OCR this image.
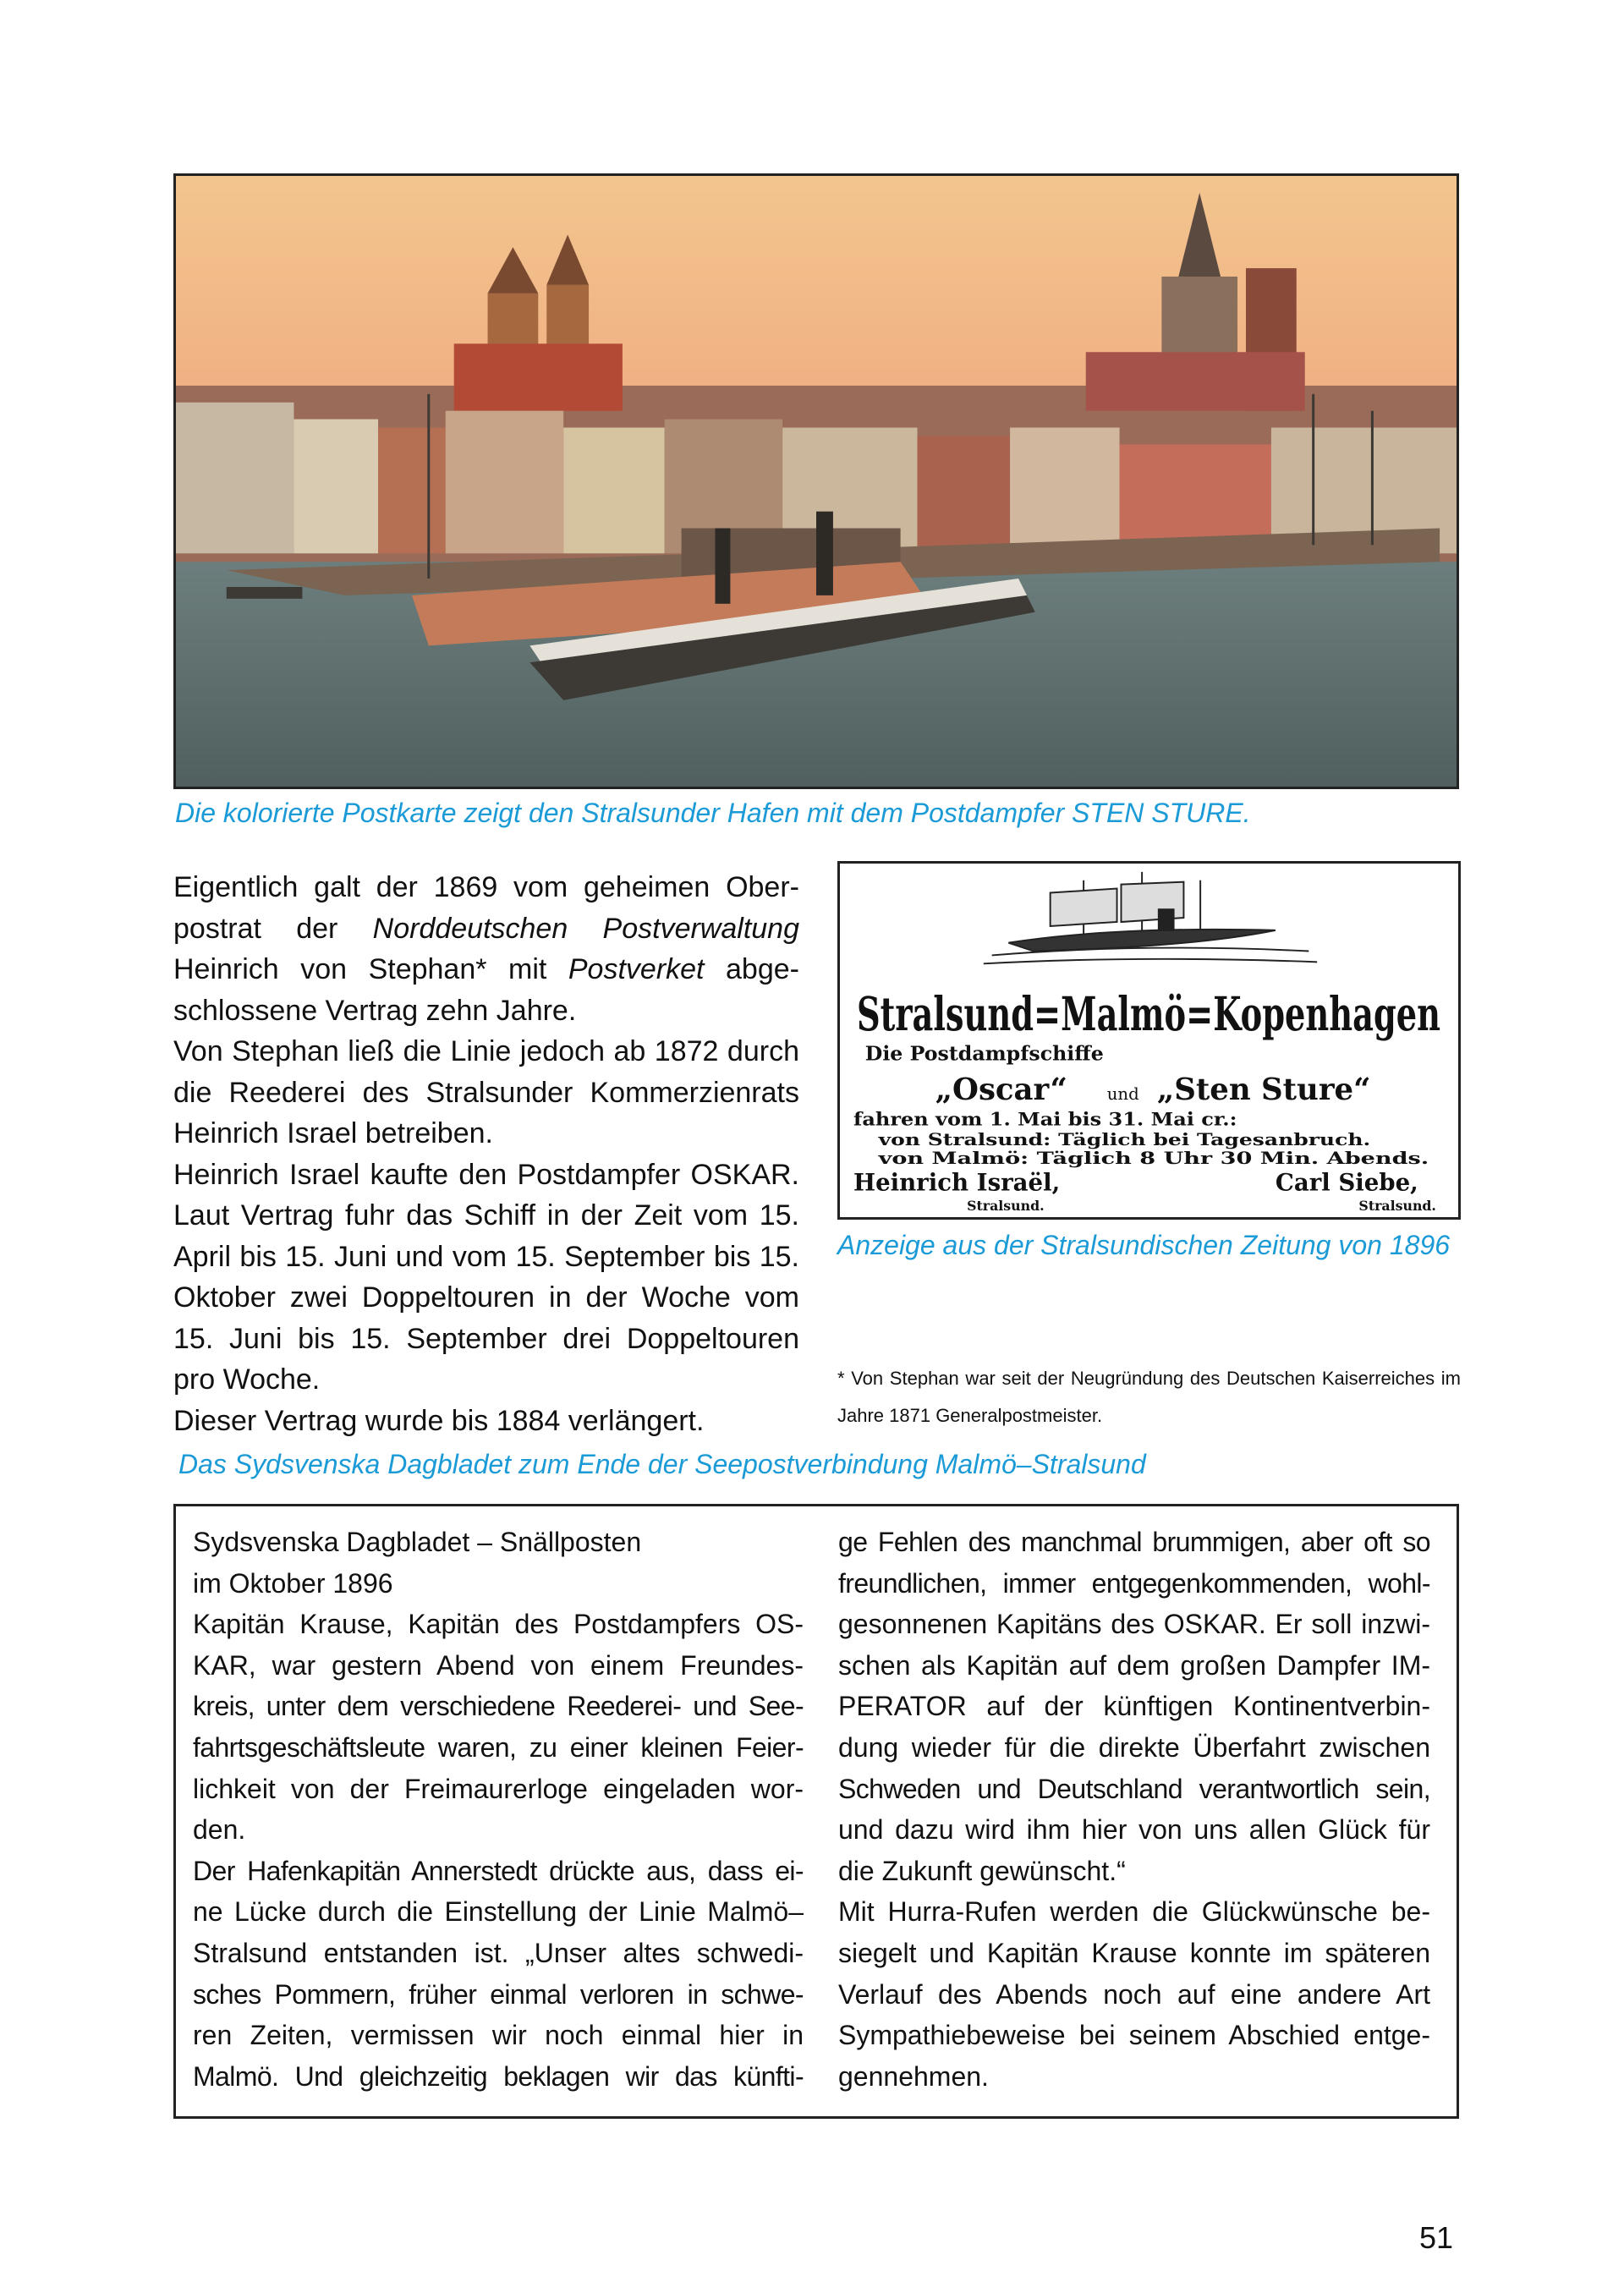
Die kolorierte Postkarte zeigt den Stralsunder Hafen mit dem Postdampfer STEN STURE.

Eigentlich galt der 1869 vom geheimen Oberpostrat der Norddeutschen Postverwaltung Heinrich von Stephan* mit Postverket abgeschlossene Vertrag zehn Jahre.

Von Stephan ließ die Linie jedoch ab 1872 durch die Reederei des Stralsunder Kommerzienrats Heinrich Israel betreiben.

Heinrich Israel kaufte den Postdampfer OSKAR. Laut Vertrag fuhr das Schiff in der Zeit vom 15. April bis 15. Juni und vom 15. September bis 15. Oktober zwei Doppeltouren in der Woche vom 15. Juni bis 15. September drei Doppeltouren pro Woche.

Dieser Vertrag wurde bis 1884 verlängert.

Stralsund=Malmö=Kopenhagen
Die Postdampfschiffe
„Oscar“ und „Sten Sture“
fahren vom 1. Mai bis 31. Mai cr.:
von Stralsund: Täglich bei Tagesanbruch.
von Malmö: Täglich 8 Uhr 30 Min. Abends.
Heinrich Israël,
Stralsund.
Carl Siebe,
Stralsund.
Anzeige aus der Stralsundischen Zeitung von 1896
* Von Stephan war seit der Neugründung des Deutschen Kaiserreiches im Jahre 1871 Generalpostmeister.
Das Sydsvenska Dagbladet zum Ende der Seepostverbindung Malmö–Stralsund
Sydsvenska Dagbladet – Snällposten
im Oktober 1896
Kapitän Krause, Kapitän des Postdampfers OS-
KAR, war gestern Abend von einem Freundes-
kreis, unter dem verschiedene Reederei- und See-
fahrtsgeschäftsleute waren, zu einer kleinen Feier-
lichkeit von der Freimaurerloge eingeladen wor-
den.
Der Hafenkapitän Annerstedt drückte aus, dass ei-
ne Lücke durch die Einstellung der Linie Malmö–
Stralsund entstanden ist. „Unser altes schwedi-
sches Pommern, früher einmal verloren in schwe-
ren Zeiten, vermissen wir noch einmal hier in
Malmö. Und gleichzeitig beklagen wir das künfti-
ge Fehlen des manchmal brummigen, aber oft so
freundlichen, immer entgegenkommenden, wohl-
gesonnenen Kapitäns des OSKAR. Er soll inzwi-
schen als Kapitän auf dem großen Dampfer IM-
PERATOR auf der künftigen Kontinentverbin-
dung wieder für die direkte Überfahrt zwischen
Schweden und Deutschland verantwortlich sein,
und dazu wird ihm hier von uns allen Glück für
die Zukunft gewünscht.“
Mit Hurra-Rufen werden die Glückwünsche be-
siegelt und Kapitän Krause konnte im späteren
Verlauf des Abends noch auf eine andere Art
Sympathiebeweise bei seinem Abschied entge-
gennehmen.
51
